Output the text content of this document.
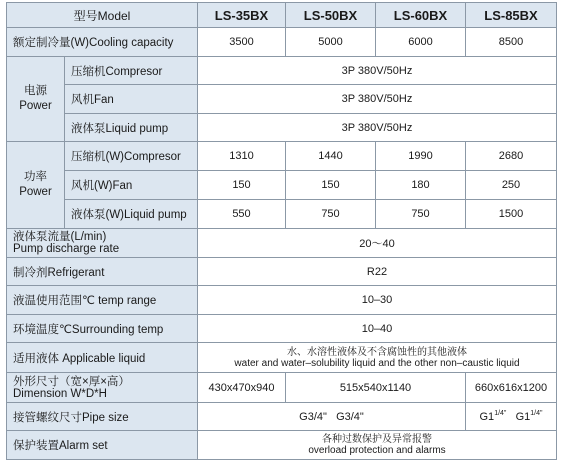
型号Model		LS-35BX	LS-50BX	LS-60BX	LS-85BX
额定制冷量(W)Cooling capacity		3500	5000	6000	8500

电源
Power	压缩机Compresor	3P 380V/50Hz			
	风机Fan	3P 380V/50Hz			
	液体泵Liquid pump	3P 380V/50Hz			

功率
Power	压缩机(W)Compresor	1310	1440	1990	2680
	风机(W)Fan	150	150	180	250
	液体泵(W)Liquid pump	550	750	750	1500

液体泵流量(L/min)
Pump discharge rate		20～40			
制冷剂Refrigerant		R22			
液温使用范围℃ temp range		10–30			
环境温度℃Surrounding temp		10–40			
适用液体 Applicable liquid		水、水溶性液体及不含腐蚀性的其他液体
water and water–solubility liquid and the other non–caustic liquid			

外形尺寸（宽×厚×高）
Dimension W*D*H		430x470x940	515x540x1140		660x616x1200
接管螺纹尺寸Pipe size		G3/4" G3/4"			$G1^{1/4"}$ $G1^{1/4"}$
保护装置Alarm set		各种过数保护及异常报警
overload protection and alarms			
